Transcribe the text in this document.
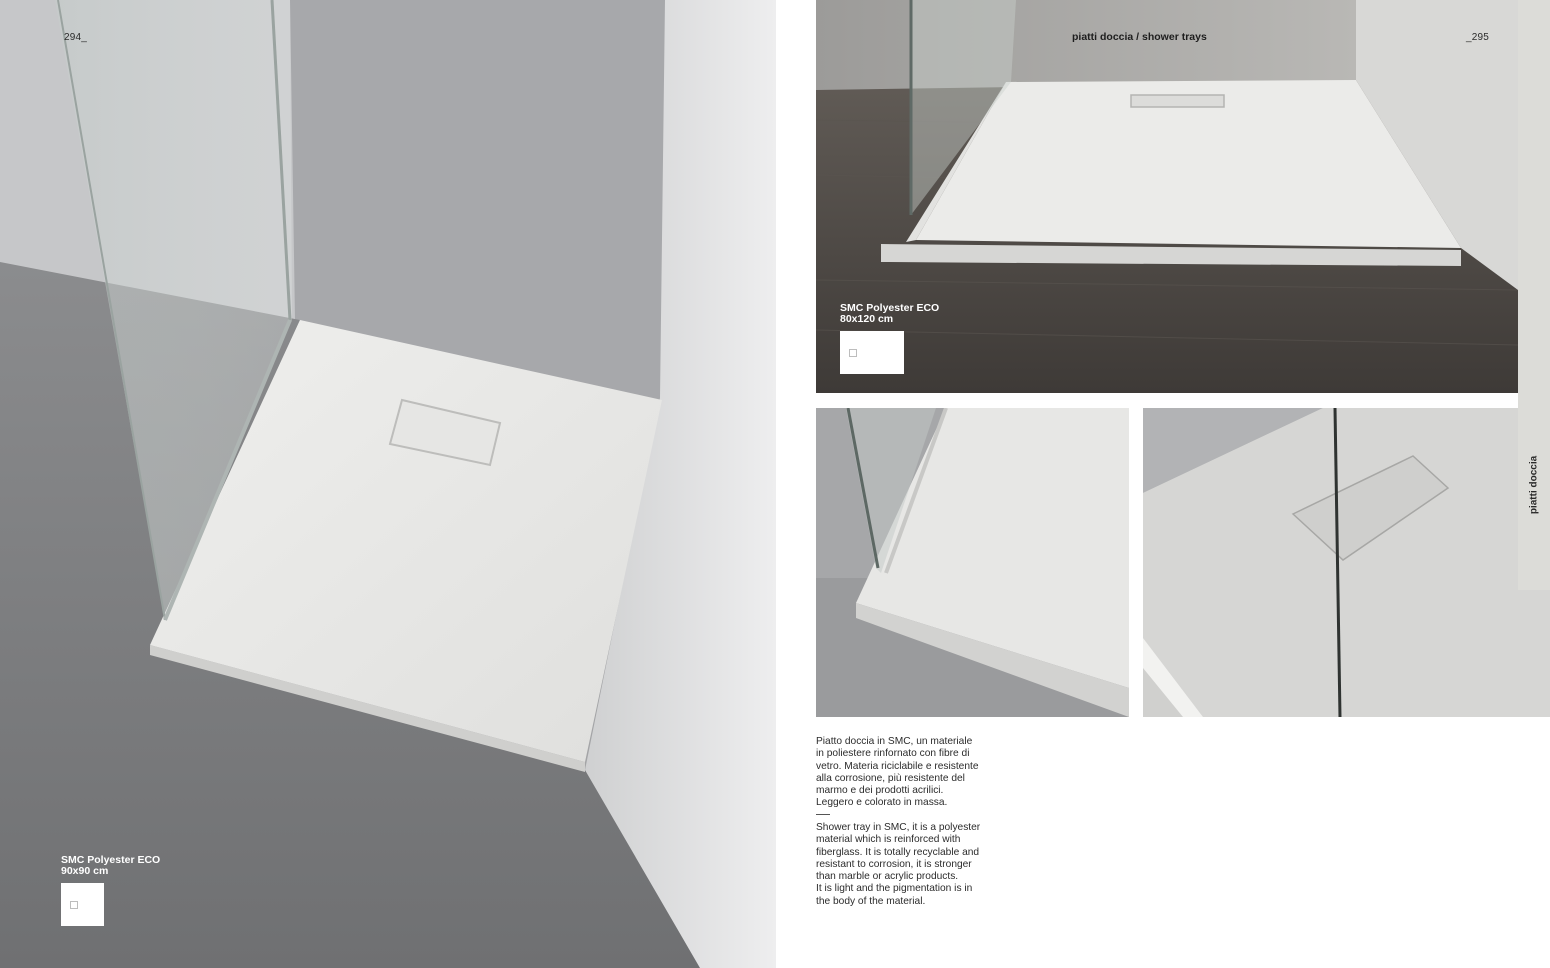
294_
SMC Polyester ECO
90x90 cm
_295
piatti doccia / shower trays
SMC Polyester ECO
80x120 cm
piatti doccia

Piatto doccia in SMC, un materiale

in poliestere rinfornato con fibre di

vetro. Materia riciclabile e resistente

alla corrosione, più resistente del

marmo e dei prodotti acrilici.

Leggero e colorato in massa.

Shower tray in SMC, it is a polyester

material which is reinforced with

fiberglass. It is totally recyclable and

resistant to corrosion, it is stronger

than marble or acrylic products.

It is light and the pigmentation is in

the body of the material.
